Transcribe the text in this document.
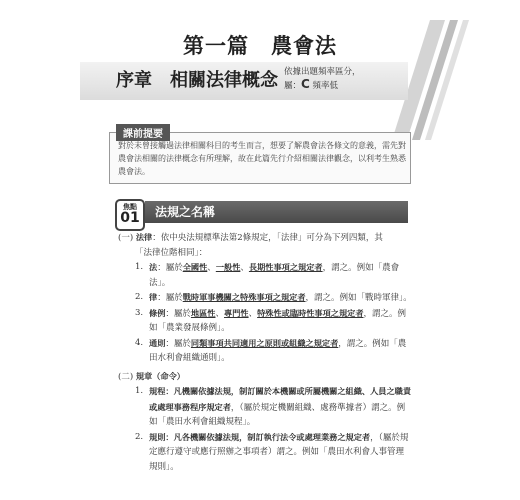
第一篇　農會法
序章　相關法律概念 依據出題頻率區分，
屬：C 頻率低
課前提要
對於未曾接觸過法律相關科目的考生而言，想要了解農會法各條文的意義，需先對農會法相關的法律概念有所理解，故在此篇先行介紹相關法律觀念，以利考生熟悉農會法。
焦點
01	法規之名稱
(一) 法律：依中央法規標準法第2條規定，「法律」可分為下列四類，其
「法律位階相同」：
1. 法：屬於全國性、一般性、長期性事項之規定者，謂之。例如「農會法」。
2. 律：屬於戰時軍事機關之特殊事項之規定者，謂之。例如「戰時軍律」。
3. 條例：屬於地區性、專門性、特殊性或臨時性事項之規定者，謂之。例如「農業發展條例」。
4. 通則：屬於同類事項共同適用之原則或組織之規定者，謂之。例如「農田水利會組織通則」。
(二) 規章（命令）
1. 規程：凡機關依據法規，制訂關於本機關或所屬機關之組織、人員之職責或處理事務程序規定者，（屬於規定機關組織、處務準據者）謂之。例如「農田水利會組織規程」。
2. 規則：凡各機關依據法規，制訂執行法令或處理業務之規定者，（屬於規定應行遵守或應行照辦之事項者）謂之。例如「農田水利會人事管理規則」。
